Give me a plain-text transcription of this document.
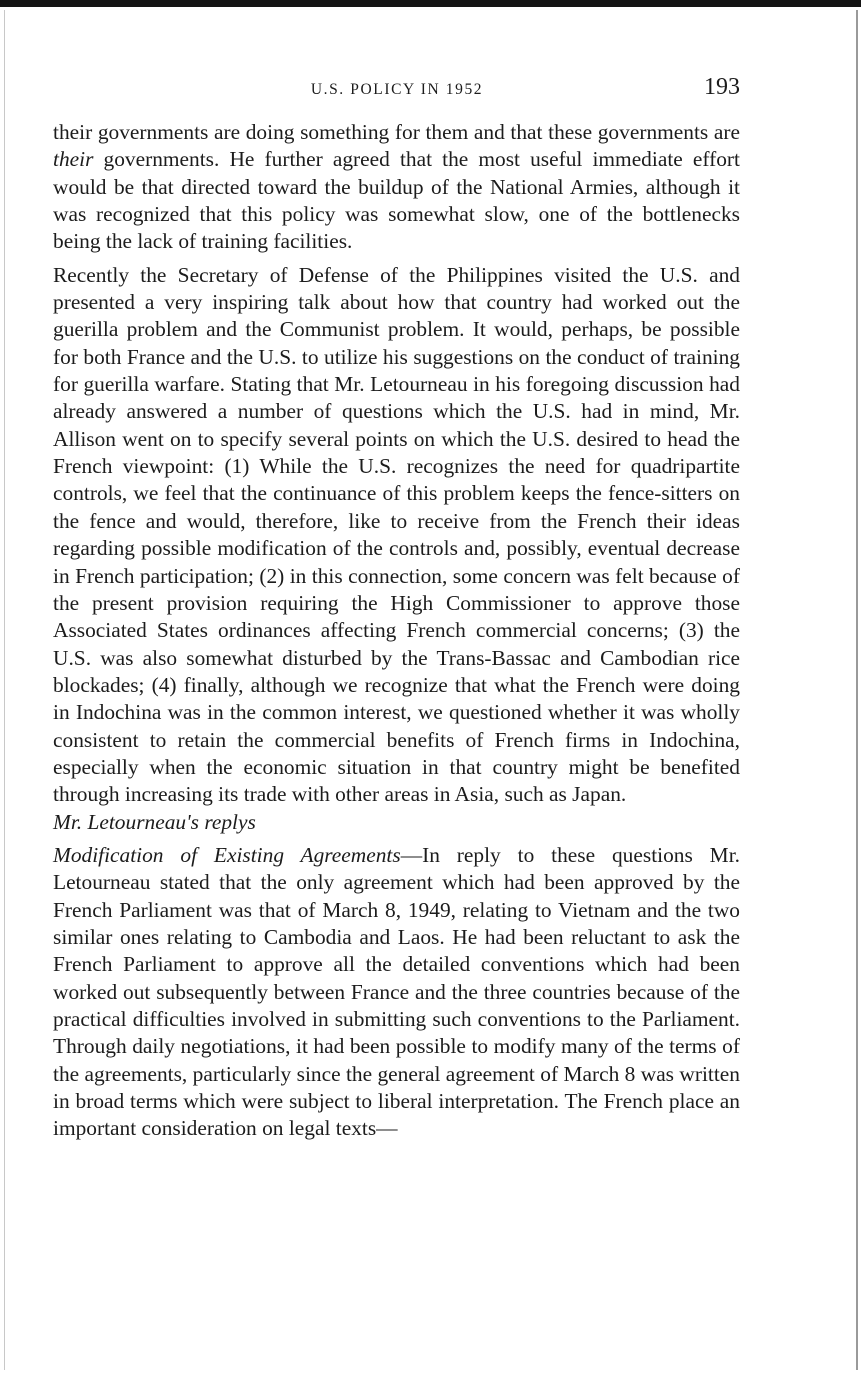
U.S. POLICY IN 1952	193

their governments are doing something for them and that these governments are their governments. He further agreed that the most useful immediate effort would be that directed toward the buildup of the National Armies, although it was recognized that this policy was somewhat slow, one of the bottlenecks being the lack of training facilities.

Recently the Secretary of Defense of the Philippines visited the U.S. and presented a very inspiring talk about how that country had worked out the guerilla problem and the Communist problem. It would, perhaps, be possible for both France and the U.S. to utilize his suggestions on the conduct of training for guerilla warfare. Stating that Mr. Letourneau in his foregoing discussion had already answered a number of questions which the U.S. had in mind, Mr. Allison went on to specify several points on which the U.S. desired to head the French viewpoint: (1) While the U.S. recognizes the need for quadripartite controls, we feel that the continuance of this problem keeps the fence-sitters on the fence and would, therefore, like to receive from the French their ideas regarding possible modification of the controls and, possibly, eventual decrease in French participation; (2) in this connection, some concern was felt because of the present provision requiring the High Commissioner to approve those Associated States ordinances affecting French commercial concerns; (3) the U.S. was also somewhat disturbed by the Trans-Bassac and Cambodian rice blockades; (4) finally, although we recognize that what the French were doing in Indochina was in the common interest, we questioned whether it was wholly consistent to retain the commercial benefits of French firms in Indochina, especially when the economic situation in that country might be benefited through increasing its trade with other areas in Asia, such as Japan.

Mr. Letourneau's replys

Modification of Existing Agreements—In reply to these questions Mr. Letourneau stated that the only agreement which had been approved by the French Parliament was that of March 8, 1949, relating to Vietnam and the two similar ones relating to Cambodia and Laos. He had been reluctant to ask the French Parliament to approve all the detailed conventions which had been worked out subsequently between France and the three countries because of the practical difficulties involved in submitting such conventions to the Parliament. Through daily negotiations, it had been possible to modify many of the terms of the agreements, particularly since the general agreement of March 8 was written in broad terms which were subject to liberal interpretation. The French place an important consideration on legal texts—
